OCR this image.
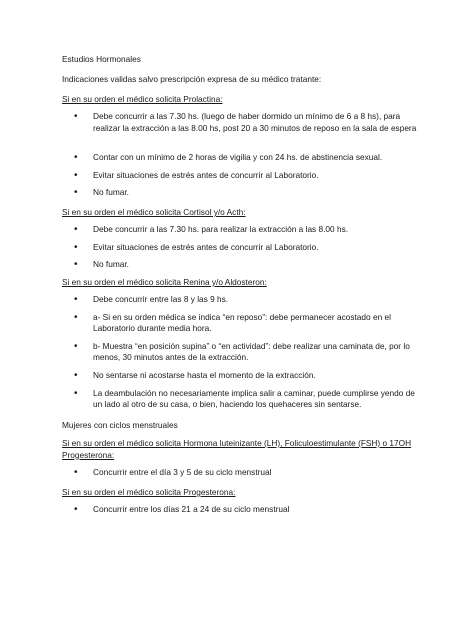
Estudios Hormonales
Indicaciones validas salvo prescripción expresa de su médico tratante:
Si en su orden el médico solicita Prolactina:
• Debe concurrir a las 7.30 hs. (luego de haber dormido un mínimo de 6 a 8 hs), para realizar la extracción a las 8.00 hs, post 20 a 30 minutos de reposo en la sala de espera
• Contar con un mínimo de 2 horas de vigilia y con 24 hs. de abstinencia sexual.
• Evitar situaciones de estrés antes de concurrir al Laboratorio.
• No fumar.
Si en su orden el médico solicita Cortisol y/o Acth:
• Debe concurrir a las 7.30 hs. para realizar la extracción a las 8.00 hs.
• Evitar situaciones de estrés antes de concurrir al Laboratorio.
• No fumar.
Si en su orden el médico solicita Renina y/o Aldosteron:
• Debe concurrir entre las 8 y las 9 hs.
• a- Si en su orden médica se indica “en reposo”: debe permanecer acostado en el Laboratorio durante media hora.
• b- Muestra “en posición supina” o “en actividad”: debe realizar una caminata de, por lo menos, 30 minutos antes de la extracción.
• No sentarse ni acostarse hasta el momento de la extracción.
• La deambulación no necesariamente implica salir a caminar, puede cumplirse yendo de un lado al otro de su casa, o bien, haciendo los quehaceres sin sentarse.
Mujeres con ciclos menstruales
Si en su orden el médico solicita Hormona luteinizante (LH), Foliculoestimulante (FSH) o 17OH Progesterona:
• Concurrir entre el día 3 y 5 de su ciclo menstrual
Si en su orden el médico solicita Progesterona:
• Concurrir entre los días 21 a 24 de su ciclo menstrual
